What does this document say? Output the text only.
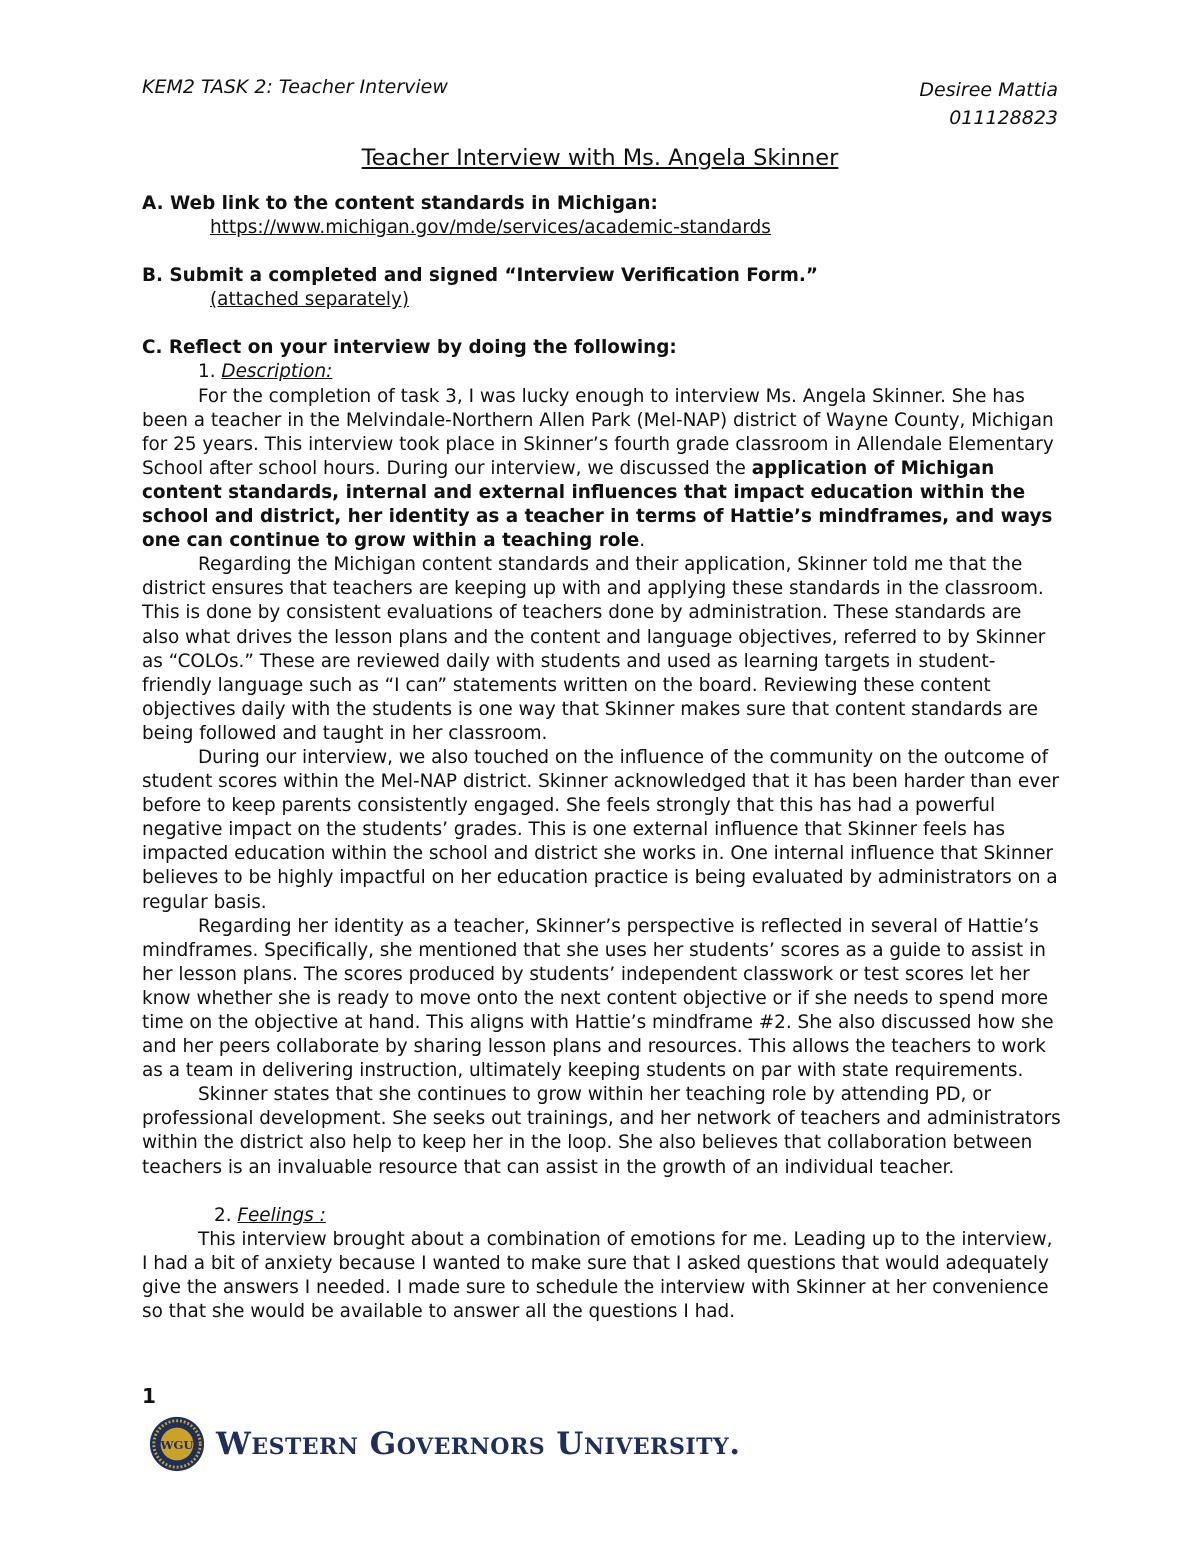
KEM2 TASK 2: Teacher Interview	Desiree Mattia
011128823
Teacher Interview with Ms. Angela Skinner

A. Web link to the content standards in Michigan:

https://www.michigan.gov/mde/services/academic-standards

B. Submit a completed and signed “Interview Verification Form.”

(attached separately)

C. Reflect on your interview by doing the following:

1. Description:

For the completion of task 3, I was lucky enough to interview Ms. Angela Skinner. She has been a teacher in the Melvindale-Northern Allen Park (Mel-NAP) district of Wayne County, Michigan for 25 years. This interview took place in Skinner’s fourth grade classroom in Allendale Elementary School after school hours. During our interview, we discussed the application of Michigan content standards, internal and external influences that impact education within the school and district, her identity as a teacher in terms of Hattie’s mindframes, and ways one can continue to grow within a teaching role.

Regarding the Michigan content standards and their application, Skinner told me that the district ensures that teachers are keeping up with and applying these standards in the classroom. This is done by consistent evaluations of teachers done by administration. These standards are also what drives the lesson plans and the content and language objectives, referred to by Skinner as “COLOs.” These are reviewed daily with students and used as learning targets in student-friendly language such as “I can” statements written on the board. Reviewing these content objectives daily with the students is one way that Skinner makes sure that content standards are being followed and taught in her classroom.

During our interview, we also touched on the influence of the community on the outcome of student scores within the Mel-NAP district. Skinner acknowledged that it has been harder than ever before to keep parents consistently engaged. She feels strongly that this has had a powerful negative impact on the students’ grades. This is one external influence that Skinner feels has impacted education within the school and district she works in. One internal influence that Skinner believes to be highly impactful on her education practice is being evaluated by administrators on a regular basis.

Regarding her identity as a teacher, Skinner’s perspective is reflected in several of Hattie’s mindframes. Specifically, she mentioned that she uses her students’ scores as a guide to assist in her lesson plans. The scores produced by students’ independent classwork or test scores let her know whether she is ready to move onto the next content objective or if she needs to spend more time on the objective at hand. This aligns with Hattie’s mindframe #2. She also discussed how she and her peers collaborate by sharing lesson plans and resources. This allows the teachers to work as a team in delivering instruction, ultimately keeping students on par with state requirements.

Skinner states that she continues to grow within her teaching role by attending PD, or professional development. She seeks out trainings, and her network of teachers and administrators within the district also help to keep her in the loop. She also believes that collaboration between teachers is an invaluable resource that can assist in the growth of an individual teacher.

2. Feelings :

This interview brought about a combination of emotions for me. Leading up to the interview, I had a bit of anxiety because I wanted to make sure that I asked questions that would adequately give the answers I needed. I made sure to schedule the interview with Skinner at her convenience so that she would be available to answer all the questions I had.

1
WGU Western Governors University.
